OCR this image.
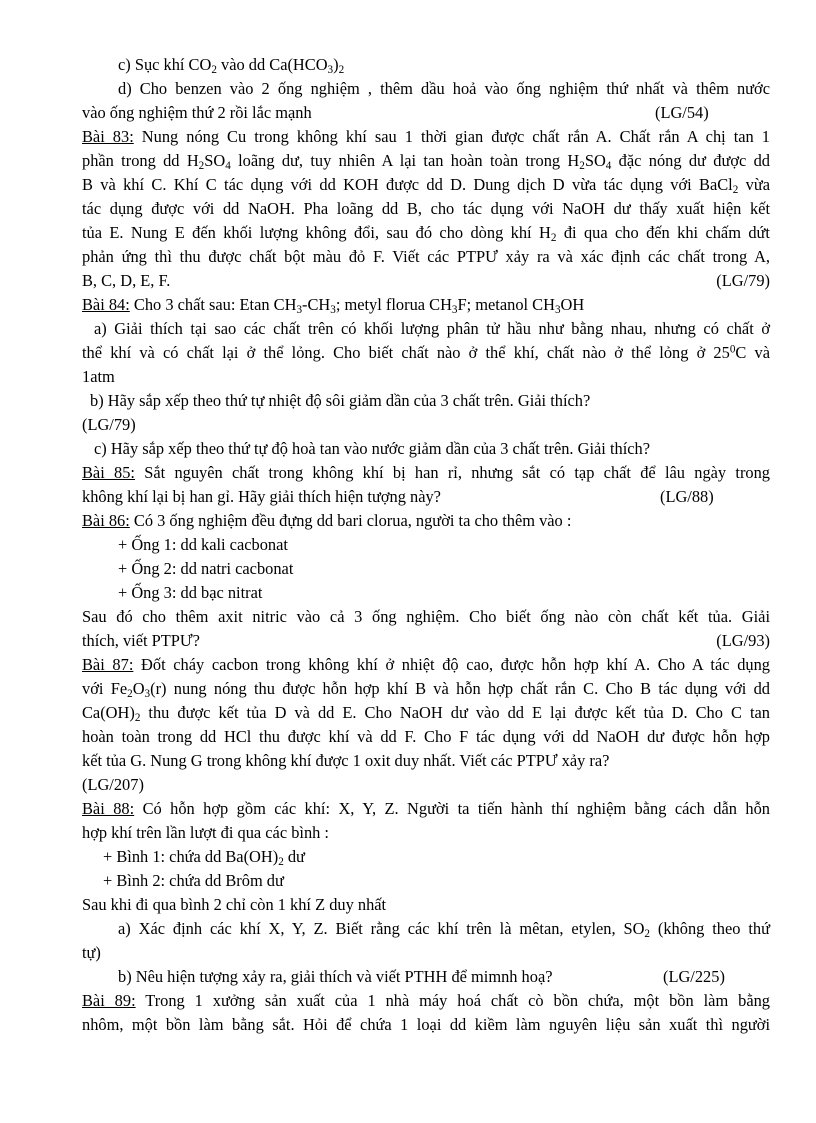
c) Sục khí $CO_2$ vào dd $Ca(HCO_3)_2$
d) Cho benzen vào 2 ống nghiệm , thêm dầu hoả vào ống nghiệm thứ nhất và thêm nước
vào ống nghiệm thứ 2 rồi lắc mạnh	(LG/54)
Bài 83: Nung nóng Cu trong không khí sau 1 thời gian được chất rắn A. Chất rắn A chị tan 1
phần trong dd $H_2SO_4$ loãng dư, tuy nhiên A lại tan hoàn toàn trong $H_2SO_4$ đặc nóng dư được dd
B và khí C. Khí C tác dụng với dd KOH được dd D. Dung dịch D vừa tác dụng với BaCl$_2$ vừa
tác dụng được với dd NaOH. Pha loãng dd B, cho tác dụng với NaOH dư thấy xuất hiện kết
tủa E. Nung E đến khối lượng không đổi, sau đó cho dòng khí $H_2$ đi qua cho đến khi chấm dứt
phản ứng thì thu được chất bột màu đỏ F. Viết các PTPƯ xảy ra và xác định các chất trong A,
B, C, D, E, F.	(LG/79)
Bài 84: Cho 3 chất sau: Etan $CH_3-CH_3$; metyl florua $CH_3F$; metanol $CH_3OH$
a) Giải thích tại sao các chất trên có khối lượng phân tử hầu như bằng nhau, nhưng có chất ở
thể khí và có chất lại ở thể lỏng. Cho biết chất nào ở thể khí, chất nào ở thể lỏng ở $25^0C$ và
1atm
b) Hãy sắp xếp theo thứ tự nhiệt độ sôi giảm dần của 3 chất trên. Giải thích?
(LG/79)
c) Hãy sắp xếp theo thứ tự độ hoà tan vào nước giảm dần của 3 chất trên. Giải thích?
Bài 85: Sắt nguyên chất trong không khí bị han rỉ, nhưng sắt có tạp chất để lâu ngày trong
không khí lại bị han gỉ. Hãy giải thích hiện tượng này?	(LG/88)
Bài 86: Có 3 ống nghiệm đều đựng dd bari clorua, người ta cho thêm vào :
+ Ống 1: dd kali cacbonat
+ Ống 2: dd natri cacbonat
+ Ống 3: dd bạc nitrat
Sau đó cho thêm axit nitric vào cả 3 ống nghiệm. Cho biết ống nào còn chất kết tủa. Giải
thích, viết PTPƯ?	(LG/93)
Bài 87: Đốt cháy cacbon trong không khí ở nhiệt độ cao, được hỗn hợp khí A. Cho A tác dụng
với $Fe_2O_3(r)$ nung nóng thu được hỗn hợp khí B và hỗn hợp chất rắn C. Cho B tác dụng với dd
$Ca(OH)_2$ thu được kết tủa D và dd E. Cho NaOH dư vào dd E lại được kết tủa D. Cho C tan
hoàn toàn trong dd HCl thu được khí và dd F. Cho F tác dụng với dd NaOH dư được hỗn hợp
kết tủa G. Nung G trong không khí được 1 oxit duy nhất. Viết các PTPƯ xảy ra?
(LG/207)
Bài 88: Có hỗn hợp gồm các khí: X, Y, Z. Người ta tiến hành thí nghiệm bằng cách dẫn hỗn
hợp khí trên lần lượt đi qua các bình :
+ Bình 1: chứa dd $Ba(OH)_2$ dư
+ Bình 2: chứa dd Brôm dư
Sau khi đi qua bình 2 chỉ còn 1 khí Z duy nhất
a) Xác định các khí X, Y, Z. Biết rằng các khí trên là mêtan, etylen, $SO_2$ (không theo thứ
tự)
b) Nêu hiện tượng xảy ra, giải thích và viết PTHH để mimnh hoạ?	(LG/225)
Bài 89: Trong 1 xưởng sản xuất của 1 nhà máy hoá chất cò bồn chứa, một bồn làm bằng
nhôm, một bồn làm bằng sắt. Hỏi để chứa 1 loại dd kiềm làm nguyên liệu sản xuất thì người
